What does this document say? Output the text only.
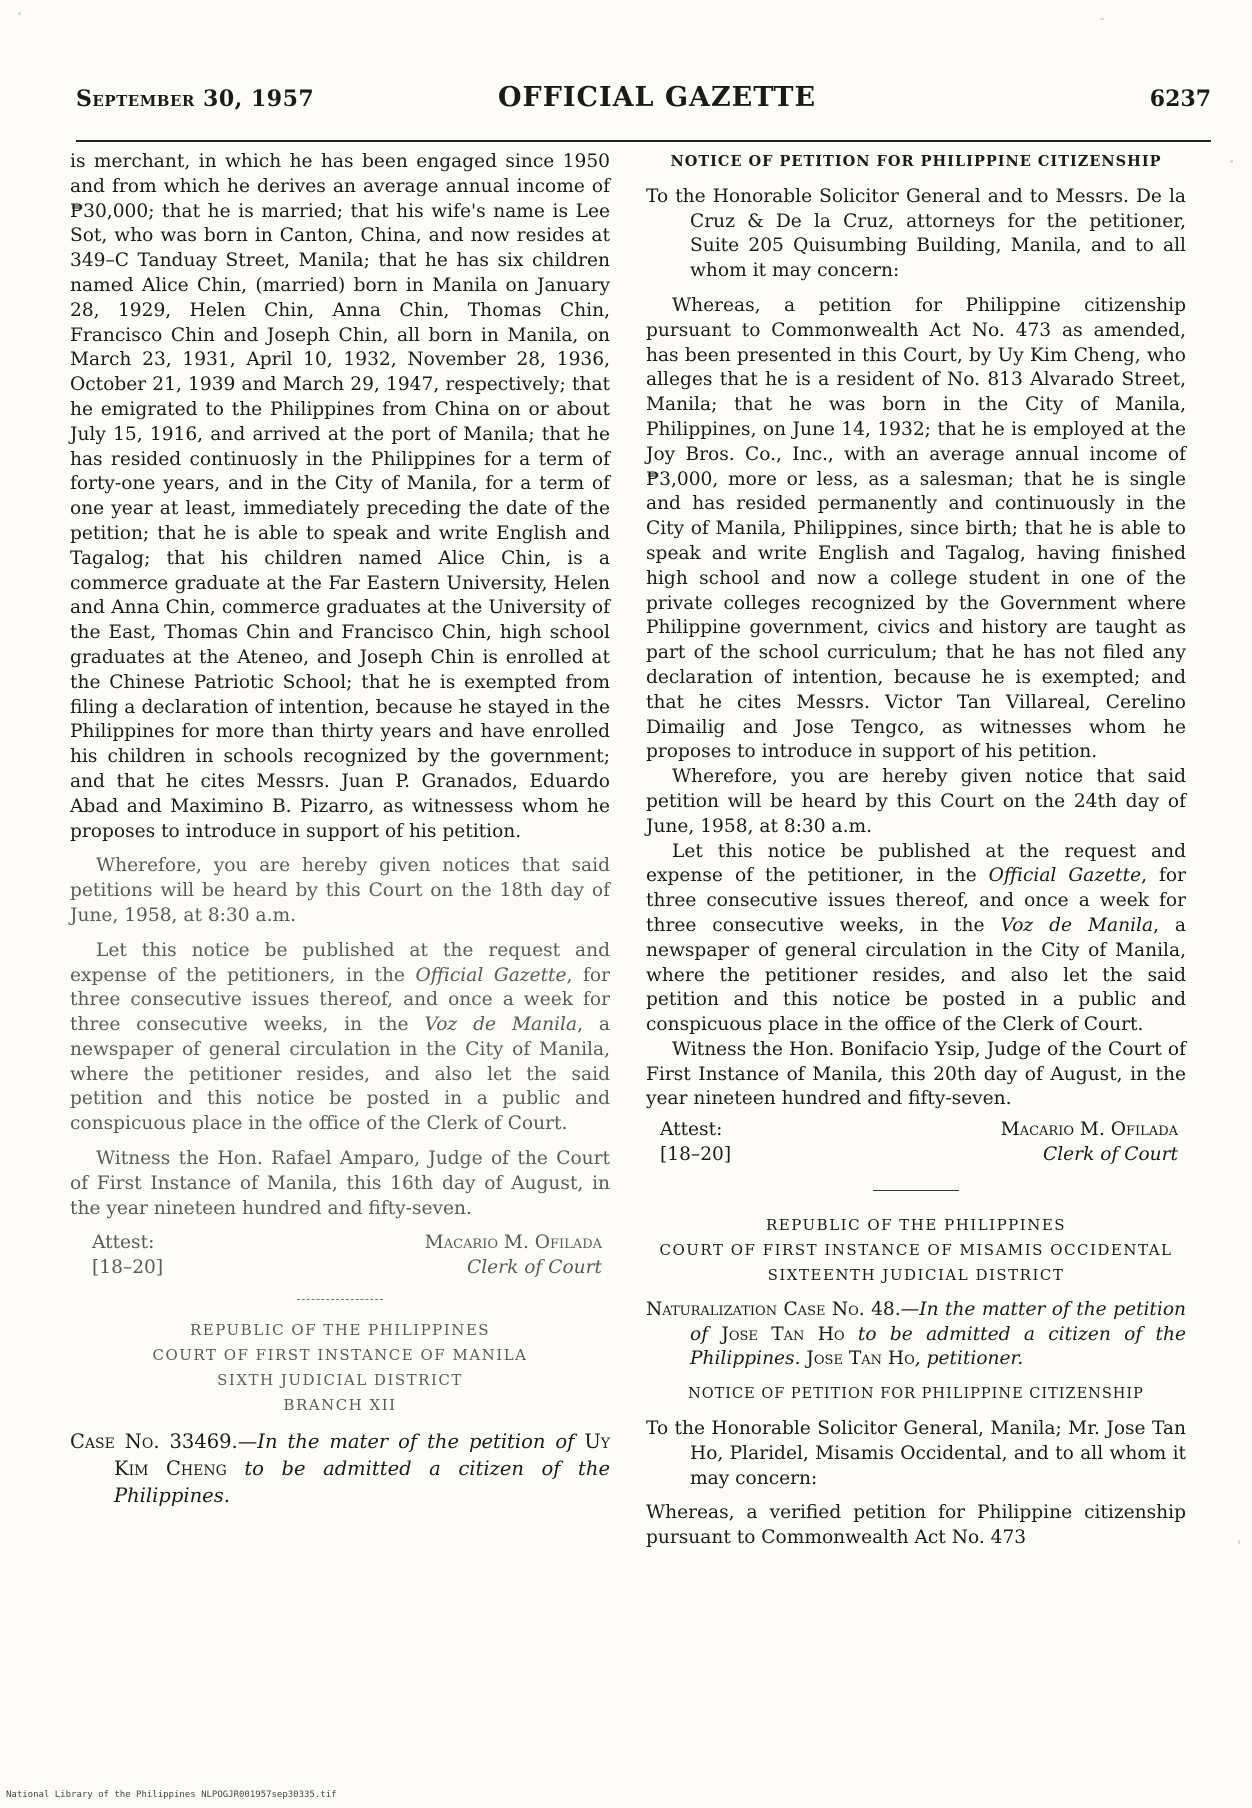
September 30, 1957	OFFICIAL GAZETTE	6237

is merchant, in which he has been engaged since 1950 and from which he derives an average annual income of ₱30,000; that he is married; that his wife's name is Lee Sot, who was born in Canton, China, and now resides at 349–C Tanduay Street, Manila; that he has six children named Alice Chin, (married) born in Manila on January 28, 1929, Helen Chin, Anna Chin, Thomas Chin, Francisco Chin and Joseph Chin, all born in Manila, on March 23, 1931, April 10, 1932, November 28, 1936, October 21, 1939 and March 29, 1947, respectively; that he emigrated to the Philippines from China on or about July 15, 1916, and arrived at the port of Manila; that he has resided continuosly in the Philippines for a term of forty-one years, and in the City of Manila, for a term of one year at least, immediately preceding the date of the petition; that he is able to speak and write English and Tagalog; that his children named Alice Chin, is a commerce graduate at the Far Eastern University, Helen and Anna Chin, commerce graduates at the University of the East, Thomas Chin and Francisco Chin, high school graduates at the Ateneo, and Joseph Chin is enrolled at the Chinese Patriotic School; that he is exempted from filing a declaration of intention, because he stayed in the Philippines for more than thirty years and have enrolled his children in schools recognized by the government; and that he cites Messrs. Juan P. Granados, Eduardo Abad and Maximino B. Pizarro, as witnessess whom he proposes to introduce in support of his petition.

Wherefore, you are hereby given notices that said petitions will be heard by this Court on the 18th day of June, 1958, at 8:30 a.m.

Let this notice be published at the request and expense of the petitioners, in the Official Gazette, for three consecutive issues thereof, and once a week for three consecutive weeks, in the Voz de Manila, a newspaper of general circulation in the City of Manila, where the petitioner resides, and also let the said petition and this notice be posted in a public and conspicuous place in the office of the Clerk of Court.

Witness the Hon. Rafael Amparo, Judge of the Court of First Instance of Manila, this 16th day of August, in the year nineteen hundred and fifty-seven.

Attest:
[18–20]
Macario M. Ofilada
Clerk of Court
REPUBLIC OF THE PHILIPPINES
COURT OF FIRST INSTANCE OF MANILA
SIXTH JUDICIAL DISTRICT
BRANCH XII

Case No. 33469.—In the mater of the petition of Uy Kim Cheng to be admitted a citizen of the Philippines.

NOTICE OF PETITION FOR PHILIPPINE CITIZENSHIP

To the Honorable Solicitor General and to Messrs. De la Cruz & De la Cruz, attorneys for the petitioner, Suite 205 Quisumbing Building, Manila, and to all whom it may concern:

Whereas, a petition for Philippine citizenship pursuant to Commonwealth Act No. 473 as amended, has been presented in this Court, by Uy Kim Cheng, who alleges that he is a resident of No. 813 Alvarado Street, Manila; that he was born in the City of Manila, Philippines, on June 14, 1932; that he is employed at the Joy Bros. Co., Inc., with an average annual income of ₱3,000, more or less, as a salesman; that he is single and has resided permanently and continuously in the City of Manila, Philippines, since birth; that he is able to speak and write English and Tagalog, having finished high school and now a college student in one of the private colleges recognized by the Government where Philippine government, civics and history are taught as part of the school curriculum; that he has not filed any declaration of intention, because he is exempted; and that he cites Messrs. Victor Tan Villareal, Cerelino Dimailig and Jose Tengco, as witnesses whom he proposes to introduce in support of his petition.

Wherefore, you are hereby given notice that said petition will be heard by this Court on the 24th day of June, 1958, at 8:30 a.m.

Let this notice be published at the request and expense of the petitioner, in the Official Gazette, for three consecutive issues thereof, and once a week for three consecutive weeks, in the Voz de Manila, a newspaper of general circulation in the City of Manila, where the petitioner resides, and also let the said petition and this notice be posted in a public and conspicuous place in the office of the Clerk of Court.

Witness the Hon. Bonifacio Ysip, Judge of the Court of First Instance of Manila, this 20th day of August, in the year nineteen hundred and fifty-seven.

Attest:
[18–20]
Macario M. Ofilada
Clerk of Court
REPUBLIC OF THE PHILIPPINES
COURT OF FIRST INSTANCE OF MISAMIS OCCIDENTAL
SIXTEENTH JUDICIAL DISTRICT

Naturalization Case No. 48.—In the matter of the petition of Jose Tan Ho to be admitted a citizen of the Philippines. Jose Tan Ho, petitioner.

NOTICE OF PETITION FOR PHILIPPINE CITIZENSHIP

To the Honorable Solicitor General, Manila; Mr. Jose Tan Ho, Plaridel, Misamis Occidental, and to all whom it may concern:

Whereas, a verified petition for Philippine citizenship pursuant to Commonwealth Act No. 473

National Library of the Philippines NLPOGJR001957sep30335.tif
